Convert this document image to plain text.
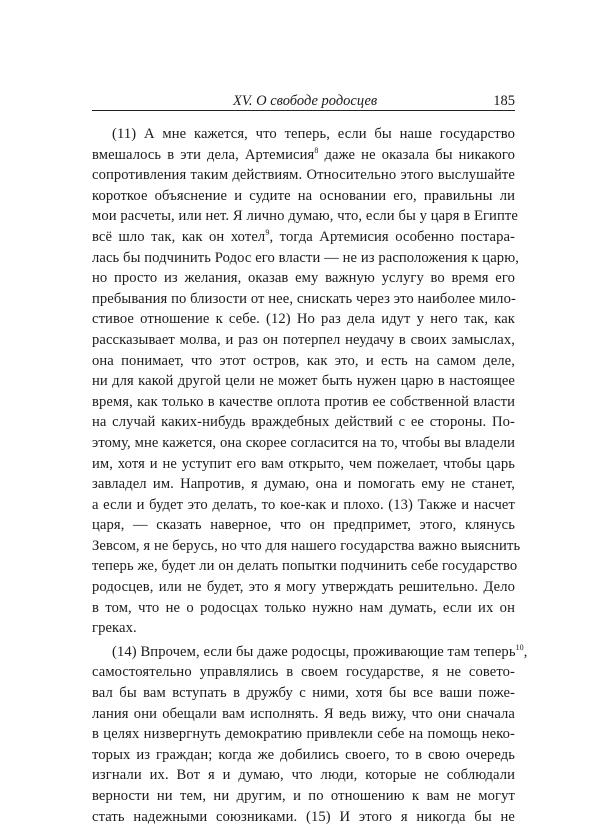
XV. О свободе родосцев	185
(11) А мне кажется, что теперь, если бы наше государство
вмешалось в эти дела, Артемисия$^8$ даже не оказала бы никакого
сопротивления таким действиям. Относительно этого выслушайте
короткое объяснение и судите на основании его, правильны ли
мои расчеты, или нет. Я лично думаю, что, если бы у царя в Египте
всё шло так, как он хотел$^9$, тогда Артемисия особенно постара-
лась бы подчинить Родос его власти — не из расположения к царю,
но просто из желания, оказав ему важную услугу во время его
пребывания по близости от нее, снискать через это наиболее мило-
стивое отношение к себе. (12) Но раз дела идут у него так, как
рассказывает молва, и раз он потерпел неудачу в своих замыслах,
она понимает, что этот остров, как это, и есть на самом деле,
ни для какой другой цели не может быть нужен царю в настоящее
время, как только в качестве оплота против ее собственной власти
на случай каких-нибудь враждебных действий с ее стороны. По-
этому, мне кажется, она скорее согласится на то, чтобы вы владели
им, хотя и не уступит его вам открыто, чем пожелает, чтобы царь
завладел им. Напротив, я думаю, она и помогать ему не станет,
а если и будет это делать, то кое-как и плохо. (13) Также и насчет
царя, — сказать наверное, что он предпримет, этого, клянусь
Зевсом, я не берусь, но что для нашего государства важно выяснить
теперь же, будет ли он делать попытки подчинить себе государство
родосцев, или не будет, это я могу утверждать решительно. Дело
в том, что не о родосцах только нужно нам думать, если их он
греках.
(14) Впрочем, если бы даже родосцы, проживающие там теперь$^{10}$,
самостоятельно управлялись в своем государстве, я не совето-
вал бы вам вступать в дружбу с ними, хотя бы все ваши поже-
лания они обещали вам исполнять. Я ведь вижу, что они сначала
в целях низвергнуть демократию привлекли себе на помощь неко-
торых из граждан; когда же добились своего, то в свою очередь
изгнали их. Вот я и думаю, что люди, которые не соблюдали
верности ни тем, ни другим, и по отношению к вам не могут
стать надежными союзниками. (15) И этого я никогда бы не
